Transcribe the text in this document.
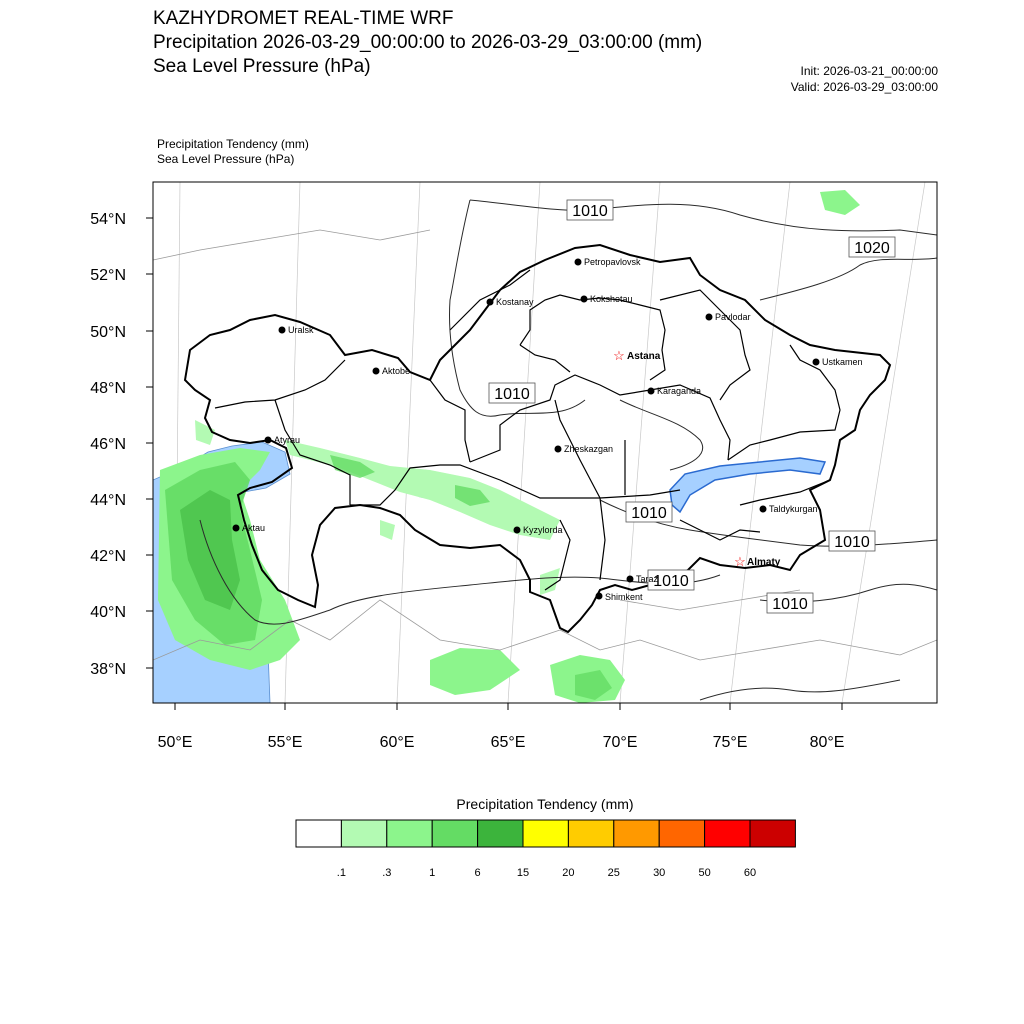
KAZHYDROMET REAL-TIME WRF
Precipitation 2026-03-29_00:00:00 to 2026-03-29_03:00:00 (mm)
Sea Level Pressure (hPa)	Init: 2026-03-21_00:00:00
Valid: 2026-03-29_03:00:00
Precipitation Tendency (mm)
Sea Level Pressure (hPa)
54°N
52°N
50°N
48°N
46°N
44°N
42°N
40°N
38°N
50°E	55°E	60°E	65°E	70°E	75°E	80°E
1010
1020
1010
1010
1010
1010
1010
Petropavlovsk
Kostanay	Kokshetau
Uralsk
Pavlodar
☆ Astana
Aktobe
Ustkamen
Karaganda
Atyrau
Zheskazgan
Aktau
Taldykurgan
Kyzylorda
☆ Almaty
Taraz
Shimkent
Precipitation Tendency (mm)
.1	.3	1	6	15	20	25	30	50	60
